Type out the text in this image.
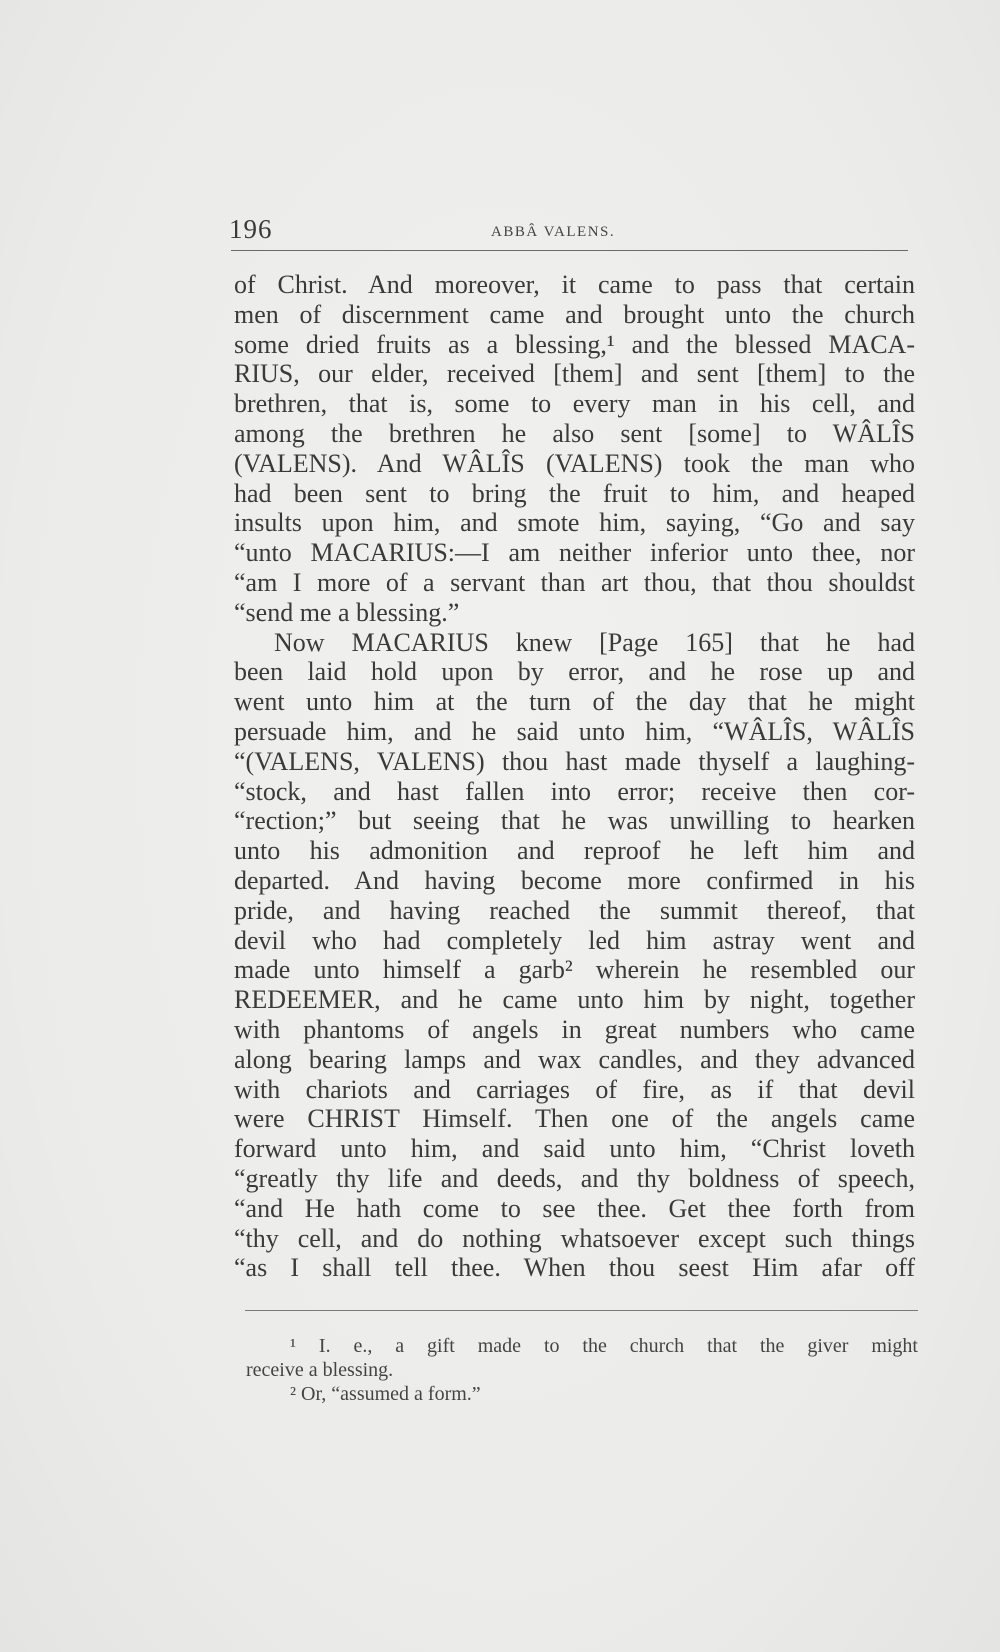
196	ABBÂ VALENS.
of Christ. And moreover, it came to pass that certain
men of discernment came and brought unto the church
some dried fruits as a blessing,¹ and the blessed MACA-
RIUS, our elder, received [them] and sent [them] to the
brethren, that is, some to every man in his cell, and
among the brethren he also sent [some] to WÂLÎS
(VALENS). And WÂLÎS (VALENS) took the man who
had been sent to bring the fruit to him, and heaped
insults upon him, and smote him, saying, “Go and say
“unto MACARIUS:—I am neither inferior unto thee, nor
“am I more of a servant than art thou, that thou shouldst
“send me a blessing.”
Now MACARIUS knew [Page 165] that he had
been laid hold upon by error, and he rose up and
went unto him at the turn of the day that he might
persuade him, and he said unto him, “WÂLÎS, WÂLÎS
“(VALENS, VALENS) thou hast made thyself a laughing-
“stock, and hast fallen into error; receive then cor-
“rection;” but seeing that he was unwilling to hearken
unto his admonition and reproof he left him and
departed. And having become more confirmed in his
pride, and having reached the summit thereof, that
devil who had completely led him astray went and
made unto himself a garb² wherein he resembled our
REDEEMER, and he came unto him by night, together
with phantoms of angels in great numbers who came
along bearing lamps and wax candles, and they advanced
with chariots and carriages of fire, as if that devil
were CHRIST Himself. Then one of the angels came
forward unto him, and said unto him, “Christ loveth
“greatly thy life and deeds, and thy boldness of speech,
“and He hath come to see thee. Get thee forth from
“thy cell, and do nothing whatsoever except such things
“as I shall tell thee. When thou seest Him afar off
¹ I. e., a gift made to the church that the giver might
receive a blessing.
² Or, “assumed a form.”
